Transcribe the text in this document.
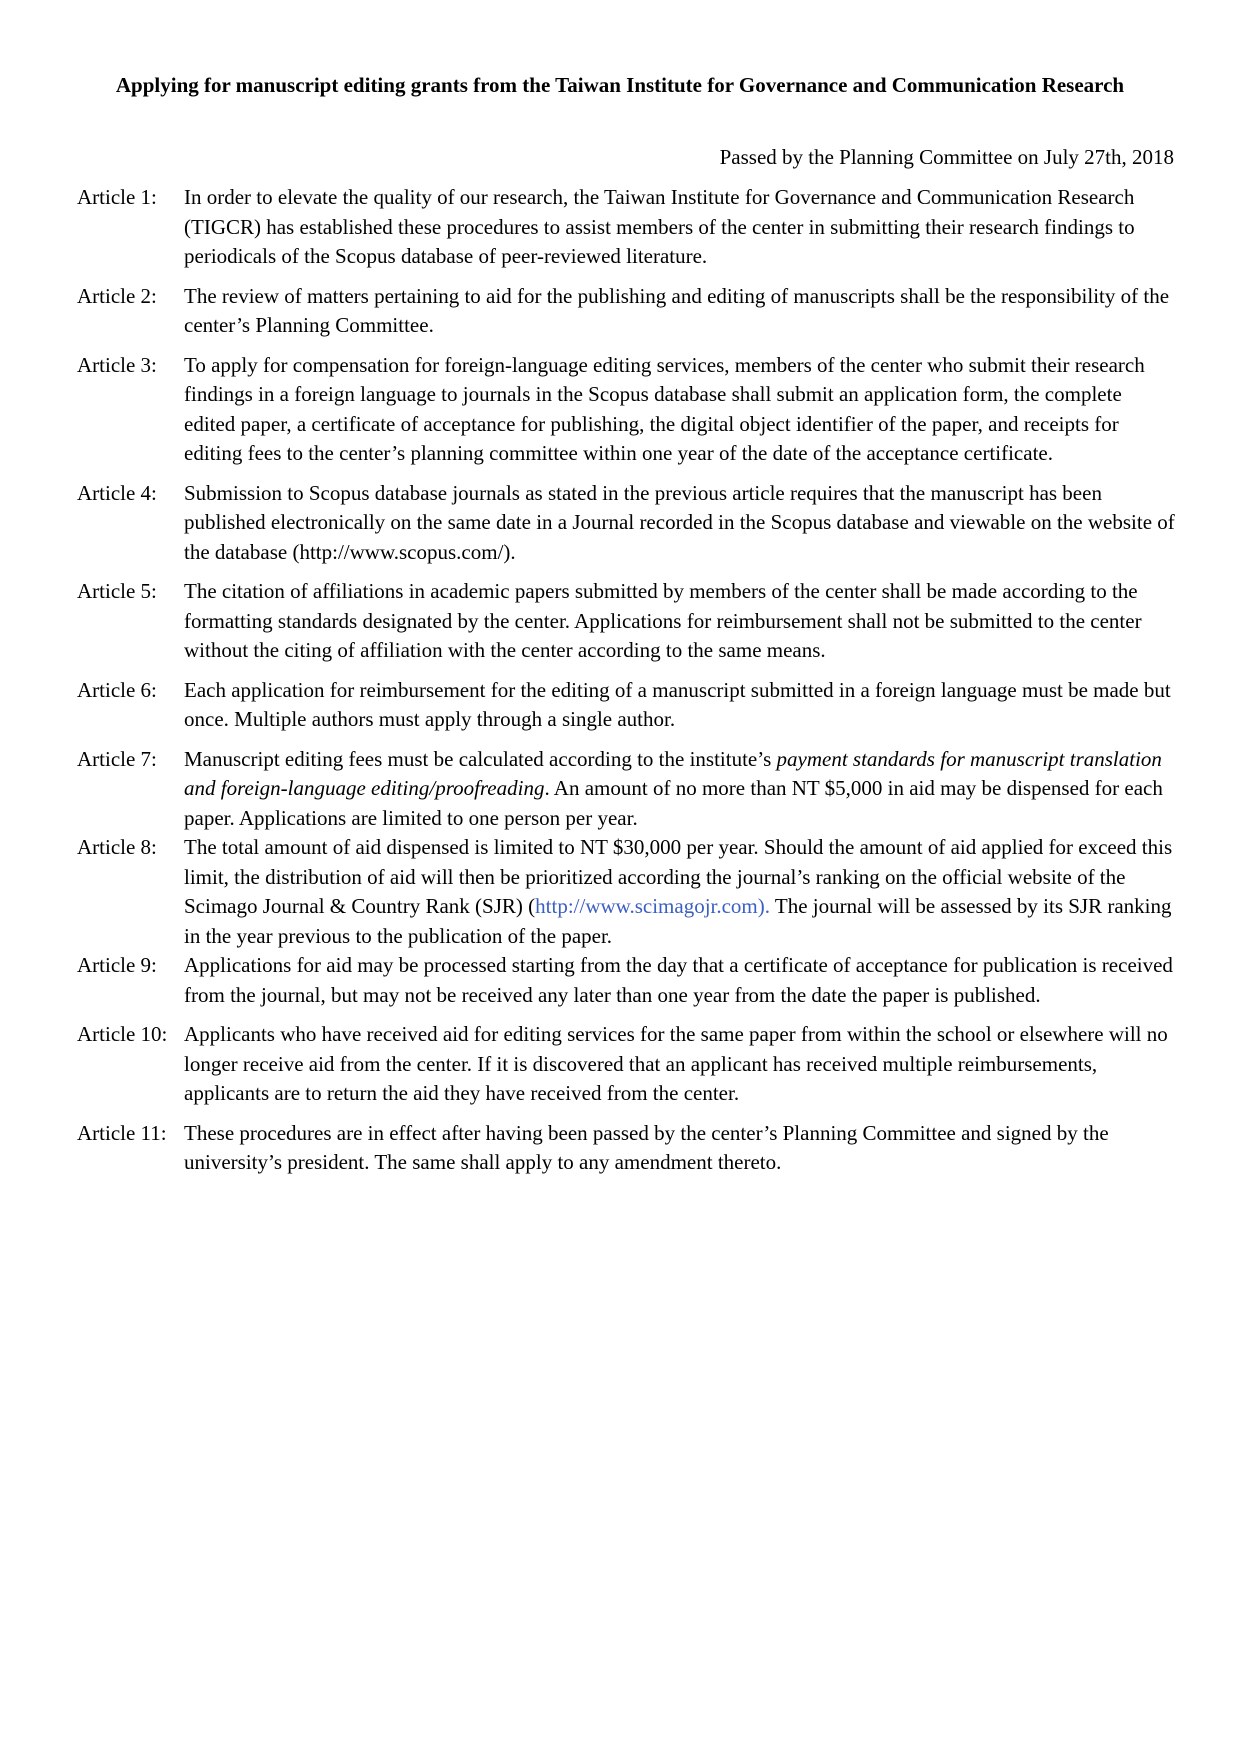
Applying for manuscript editing grants from the Taiwan Institute for Governance and Communication Research

Passed by the Planning Committee on July 27th, 2018

Article 1:	In order to elevate the quality of our research, the Taiwan Institute for Governance and Communication Research (TIGCR) has established these procedures to assist members of the center in submitting their research findings to periodicals of the Scopus database of peer-reviewed literature.

Article 2:	The review of matters pertaining to aid for the publishing and editing of manuscripts shall be the responsibility of the center’s Planning Committee.

Article 3:	To apply for compensation for foreign-language editing services, members of the center who submit their research findings in a foreign language to journals in the Scopus database shall submit an application form, the complete edited paper, a certificate of acceptance for publishing, the digital object identifier of the paper, and receipts for editing fees to the center’s planning committee within one year of the date of the acceptance certificate.

Article 4:	Submission to Scopus database journals as stated in the previous article requires that the manuscript has been published electronically on the same date in a Journal recorded in the Scopus database and viewable on the website of the database (http://www.scopus.com/).

Article 5:	The citation of affiliations in academic papers submitted by members of the center shall be made according to the formatting standards designated by the center. Applications for reimbursement shall not be submitted to the center without the citing of affiliation with the center according to the same means.

Article 6:	Each application for reimbursement for the editing of a manuscript submitted in a foreign language must be made but once. Multiple authors must apply through a single author.

Article 7:	Manuscript editing fees must be calculated according to the institute’s payment standards for manuscript translation and foreign-language editing/proofreading. An amount of no more than NT $5,000 in aid may be dispensed for each paper. Applications are limited to one person per year.

Article 8:	The total amount of aid dispensed is limited to NT $30,000 per year. Should the amount of aid applied for exceed this limit, the distribution of aid will then be prioritized according the journal’s ranking on the official website of the Scimago Journal & Country Rank (SJR) (http://www.scimagojr.com). The journal will be assessed by its SJR ranking in the year previous to the publication of the paper.

Article 9:	Applications for aid may be processed starting from the day that a certificate of acceptance for publication is received from the journal, but may not be received any later than one year from the date the paper is published.

Article 10: Applicants who have received aid for editing services for the same paper from within the school or elsewhere will no longer receive aid from the center. If it is discovered that an applicant has received multiple reimbursements, applicants are to return the aid they have received from the center.

Article 11: These procedures are in effect after having been passed by the center’s Planning Committee and signed by the university’s president. The same shall apply to any amendment thereto.
